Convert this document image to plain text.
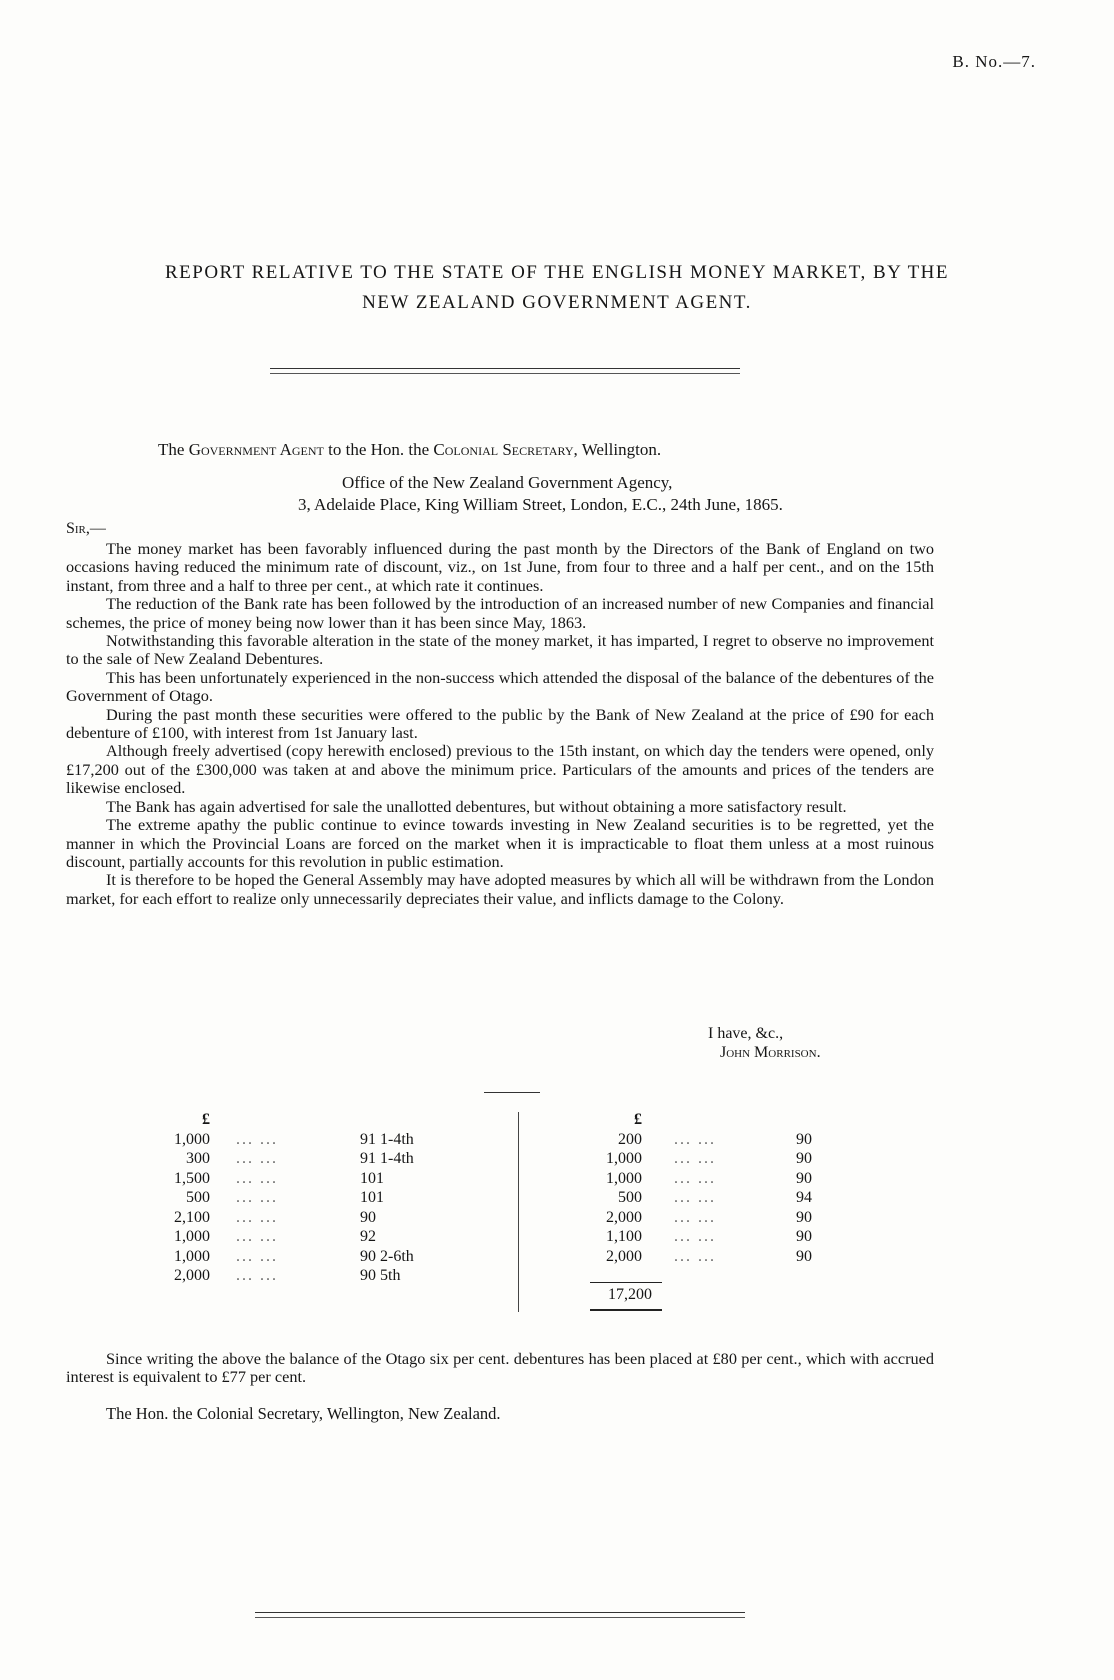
B. No.—7.
REPORT RELATIVE TO THE STATE OF THE ENGLISH MONEY MARKET, BY THE
NEW ZEALAND GOVERNMENT AGENT.
The Government Agent to the Hon. the Colonial Secretary, Wellington.
Office of the New Zealand Government Agency,
3, Adelaide Place, King William Street, London, E.C., 24th June, 1865.
Sir,—

The money market has been favorably influenced during the past month by the Directors of the Bank of England on two occasions having reduced the minimum rate of discount, viz., on 1st June, from four to three and a half per cent., and on the 15th instant, from three and a half to three per cent., at which rate it continues.

The reduction of the Bank rate has been followed by the introduction of an increased number of new Companies and financial schemes, the price of money being now lower than it has been since May, 1863.

Notwithstanding this favorable alteration in the state of the money market, it has imparted, I regret to observe no improvement to the sale of New Zealand Debentures.

This has been unfortunately experienced in the non-success which attended the disposal of the balance of the debentures of the Government of Otago.

During the past month these securities were offered to the public by the Bank of New Zealand at the price of £90 for each debenture of £100, with interest from 1st January last.

Although freely advertised (copy herewith enclosed) previous to the 15th instant, on which day the tenders were opened, only £17,200 out of the £300,000 was taken at and above the minimum price. Particulars of the amounts and prices of the tenders are likewise enclosed.

The Bank has again advertised for sale the unallotted debentures, but without obtaining a more satisfactory result.

The extreme apathy the public continue to evince towards investing in New Zealand securities is to be regretted, yet the manner in which the Provincial Loans are forced on the market when it is impracticable to float them unless at a most ruinous discount, partially accounts for this revolution in public estimation.

It is therefore to be hoped the General Assembly may have adopted measures by which all will be withdrawn from the London market, for each effort to realize only unnecessarily depreciates their value, and inflicts damage to the Colony.

I have, &c.,
John Morrison.
£
1,000	... ...	91 1-4th
300	... ...	91 1-4th
1,500	... ...	101
500	... ...	101
2,100	... ...	90
1,000	... ...	92
1,000	... ...	90 2-6th
2,000	... ...	90 5th
£
200	... ...	90
1,000	... ...	90
1,000	... ...	90
500	... ...	94
2,000	... ...	90
1,100	... ...	90
2,000	... ...	90
17,200

Since writing the above the balance of the Otago six per cent. debentures has been placed at £80 per cent., which with accrued interest is equivalent to £77 per cent.

The Hon. the Colonial Secretary, Wellington, New Zealand.
